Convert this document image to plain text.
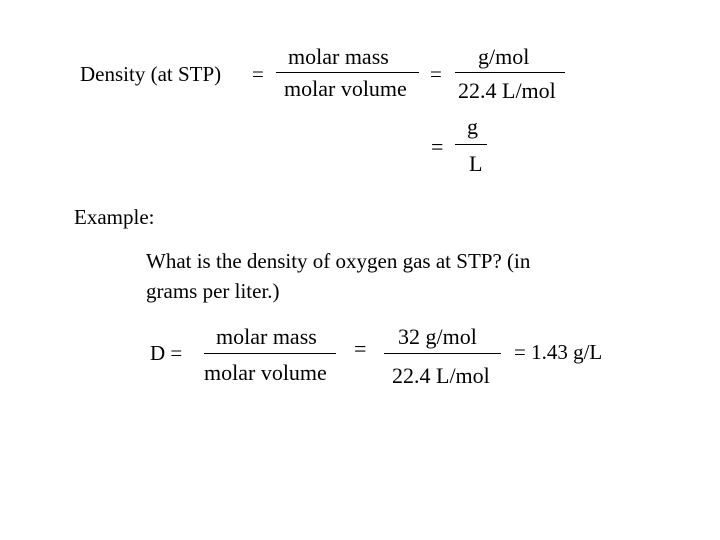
Density (at STP) =
molar mass
molar volume
=
g/mol
22.4 L/mol
=
g
L
Example:
What is the density of oxygen gas at STP? (in
grams per liter.)
D =
molar mass
molar volume
= 32 g/mol
22.4 L/mol
= 1.43 g/L
